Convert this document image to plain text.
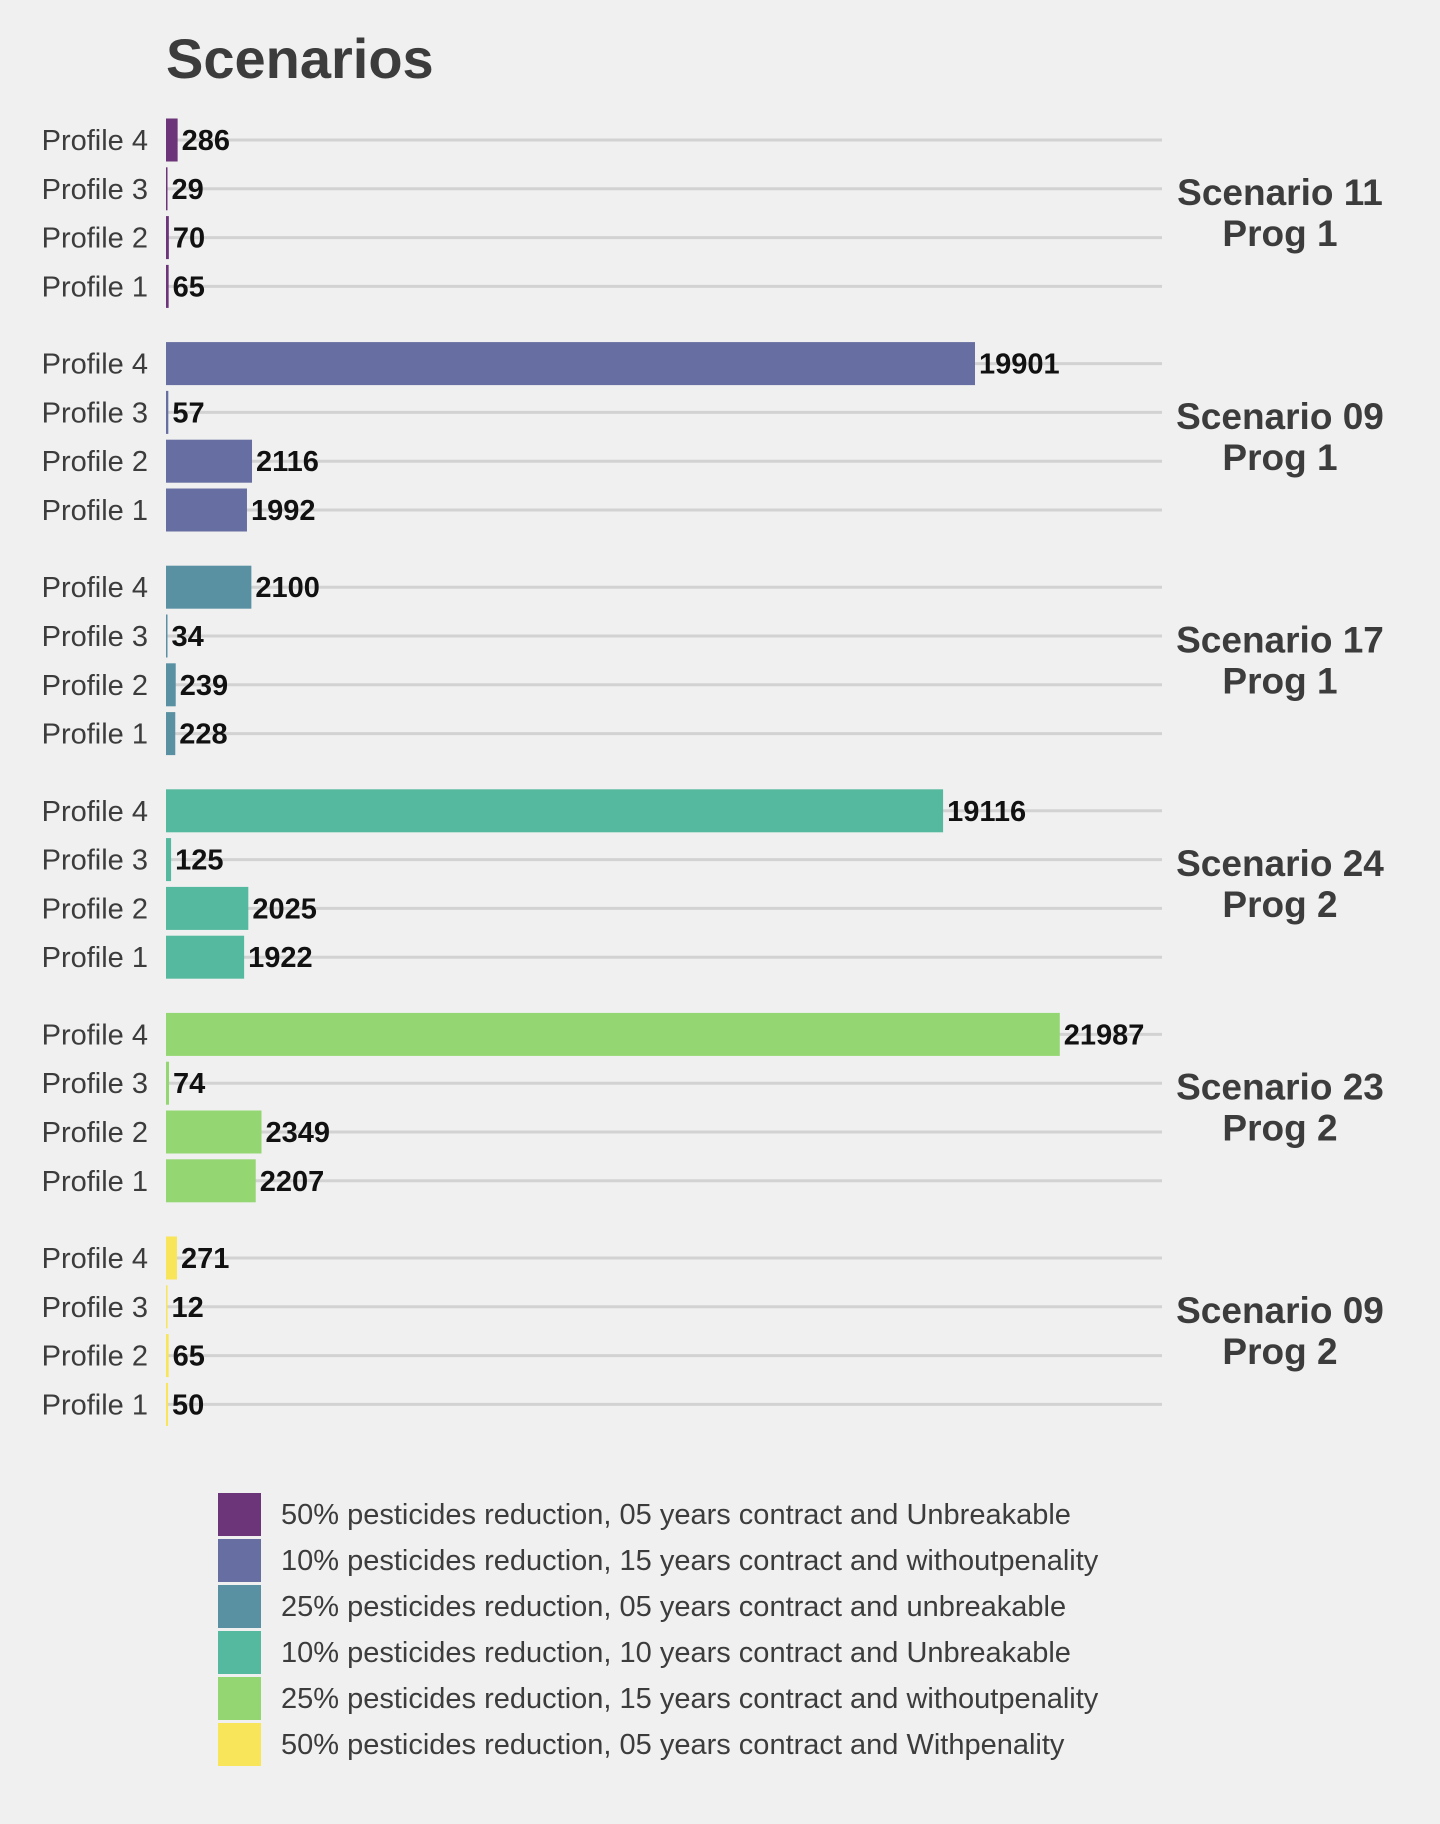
Scenarios
Profile 4 286
Profile 3 29
Profile 2 70
Profile 1 65
Scenario 11
Prog 1
Profile 4	19901
Profile 3 57
Profile 2	2116
Profile 1	1992
Scenario 09
Prog 1
Profile 4	2100
Profile 3 34
Profile 2 239
Profile 1 228
Scenario 17
Prog 1
Profile 4	19116
Profile 3 125
Profile 2	2025
Profile 1	1922
Scenario 24
Prog 2
Profile 4	21987
Profile 3 74
Profile 2	2349
Profile 1	2207
Scenario 23
Prog 2
Profile 4 271
Profile 3 12
Profile 2 65
Profile 1 50
Scenario 09
Prog 2
50% pesticides reduction, 05 years contract and Unbreakable
10% pesticides reduction, 15 years contract and withoutpenality
25% pesticides reduction, 05 years contract and unbreakable
10% pesticides reduction, 10 years contract and Unbreakable
25% pesticides reduction, 15 years contract and withoutpenality
50% pesticides reduction, 05 years contract and Withpenality
